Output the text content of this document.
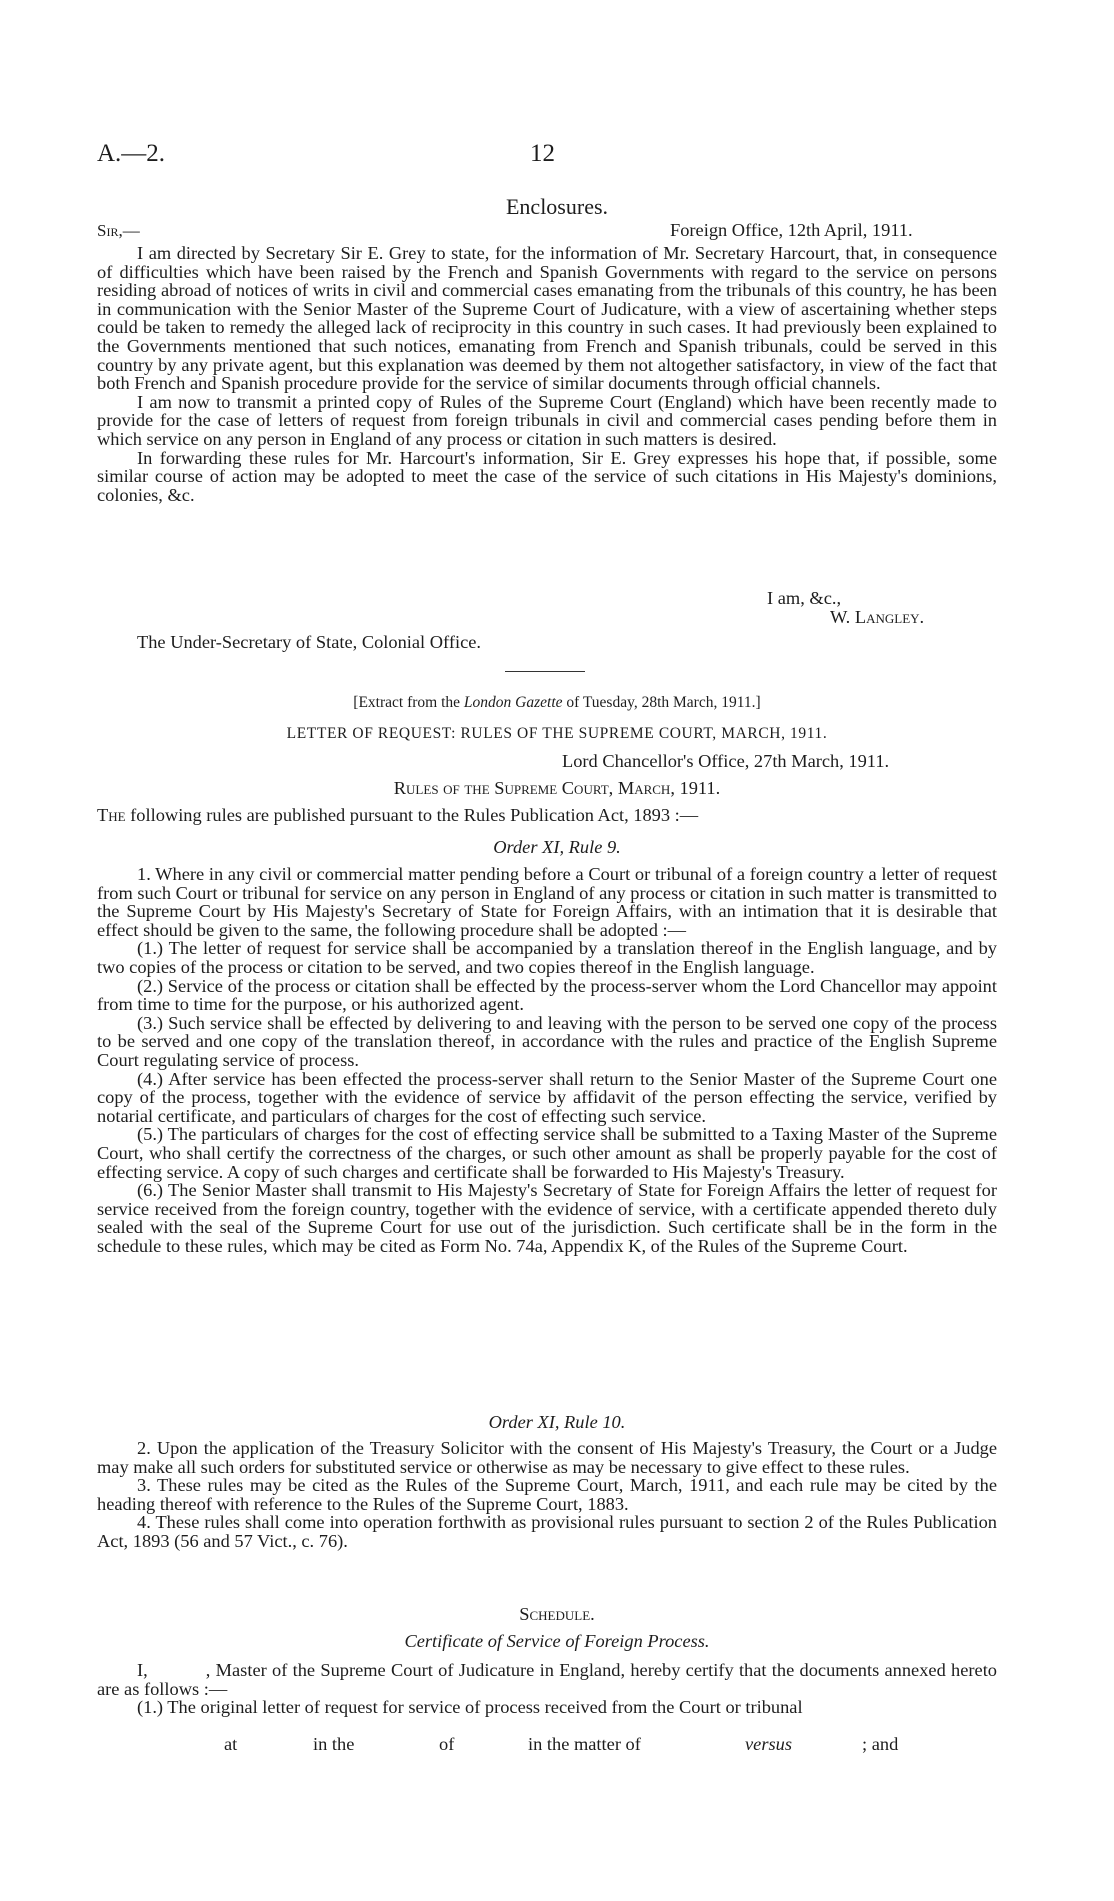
A.—2.	12
Enclosures.
Sir,—	Foreign Office, 12th April, 1911.

I am directed by Secretary Sir E. Grey to state, for the information of Mr. Secretary Harcourt, that, in consequence of difficulties which have been raised by the French and Spanish Governments with regard to the service on persons residing abroad of notices of writs in civil and commercial cases emanating from the tribunals of this country, he has been in communication with the Senior Master of the Supreme Court of Judicature, with a view of ascertaining whether steps could be taken to remedy the alleged lack of reciprocity in this country in such cases. It had previously been explained to the Governments mentioned that such notices, emanating from French and Spanish tribunals, could be served in this country by any private agent, but this explanation was deemed by them not altogether satisfactory, in view of the fact that both French and Spanish procedure provide for the service of similar documents through official channels.

I am now to transmit a printed copy of Rules of the Supreme Court (England) which have been recently made to provide for the case of letters of request from foreign tribunals in civil and commercial cases pending before them in which service on any person in England of any process or citation in such matters is desired.

In forwarding these rules for Mr. Harcourt's information, Sir E. Grey expresses his hope that, if possible, some similar course of action may be adopted to meet the case of the service of such citations in His Majesty's dominions, colonies, &c.

I am, &c.,
W. Langley.
The Under-Secretary of State, Colonial Office.
[Extract from the London Gazette of Tuesday, 28th March, 1911.]
LETTER OF REQUEST: RULES OF THE SUPREME COURT, MARCH, 1911.
Lord Chancellor's Office, 27th March, 1911.
Rules of the Supreme Court, March, 1911.
The following rules are published pursuant to the Rules Publication Act, 1893 :—
Order XI, Rule 9.

1. Where in any civil or commercial matter pending before a Court or tribunal of a foreign country a letter of request from such Court or tribunal for service on any person in England of any process or citation in such matter is transmitted to the Supreme Court by His Majesty's Secretary of State for Foreign Affairs, with an intimation that it is desirable that effect should be given to the same, the following procedure shall be adopted :—

(1.) The letter of request for service shall be accompanied by a translation thereof in the English language, and by two copies of the process or citation to be served, and two copies thereof in the English language.

(2.) Service of the process or citation shall be effected by the process-server whom the Lord Chancellor may appoint from time to time for the purpose, or his authorized agent.

(3.) Such service shall be effected by delivering to and leaving with the person to be served one copy of the process to be served and one copy of the translation thereof, in accordance with the rules and practice of the English Supreme Court regulating service of process.

(4.) After service has been effected the process-server shall return to the Senior Master of the Supreme Court one copy of the process, together with the evidence of service by affidavit of the person effecting the service, verified by notarial certificate, and particulars of charges for the cost of effecting such service.

(5.) The particulars of charges for the cost of effecting service shall be submitted to a Taxing Master of the Supreme Court, who shall certify the correctness of the charges, or such other amount as shall be properly payable for the cost of effecting service. A copy of such charges and certificate shall be forwarded to His Majesty's Treasury.

(6.) The Senior Master shall transmit to His Majesty's Secretary of State for Foreign Affairs the letter of request for service received from the foreign country, together with the evidence of service, with a certificate appended thereto duly sealed with the seal of the Supreme Court for use out of the jurisdiction. Such certificate shall be in the form in the schedule to these rules, which may be cited as Form No. 74a, Appendix K, of the Rules of the Supreme Court.

Order XI, Rule 10.

2. Upon the application of the Treasury Solicitor with the consent of His Majesty's Treasury, the Court or a Judge may make all such orders for substituted service or otherwise as may be necessary to give effect to these rules.

3. These rules may be cited as the Rules of the Supreme Court, March, 1911, and each rule may be cited by the heading thereof with reference to the Rules of the Supreme Court, 1883.

4. These rules shall come into operation forthwith as provisional rules pursuant to section 2 of the Rules Publication Act, 1893 (56 and 57 Vict., c. 76).

Schedule.
Certificate of Service of Foreign Process.

I,           , Master of the Supreme Court of Judicature in England, hereby certify that the documents annexed hereto are as follows :—

(1.) The original letter of request for service of process received from the Court or tribunal

at	in the	of	in the matter of	versus	; and
